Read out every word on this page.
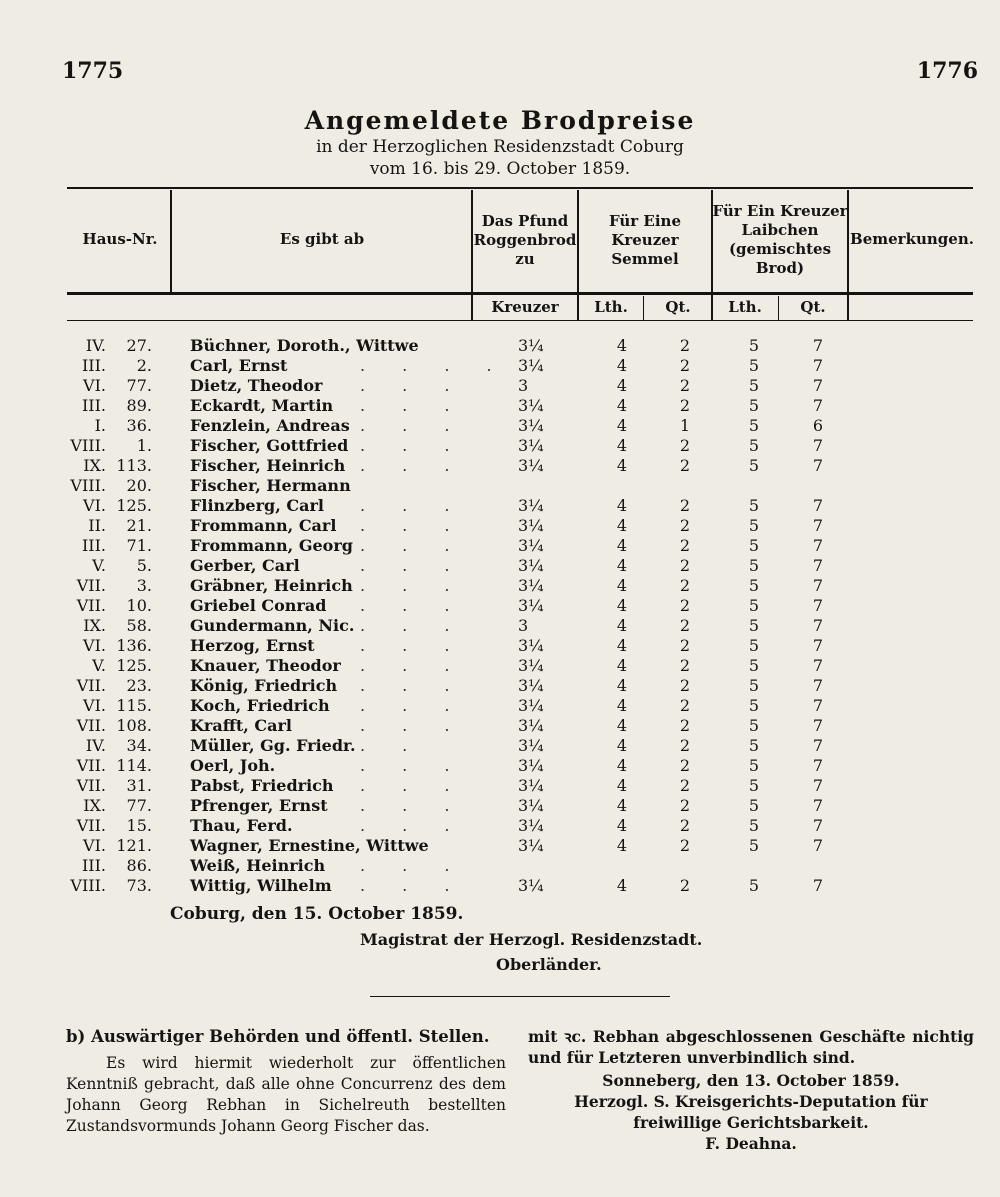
1775	1776
Angemeldete Brodpreise
in der Herzoglichen Residenzstadt Coburg
vom 16. bis 29. October 1859.
Haus-Nr.	Es gibt ab
Das Pfund Roggenbrod zu
Für Eine Kreuzer Semmel
Für Ein Kreuzer Laibchen (gemischtes Brod)
Bemerkungen.
Kreuzer	Lth.	Qt.	Lth.	Qt.
IV.	27. Büchner, Doroth., Wittwe	3¼	4	2	5	7
III.	2. Carl, Ernst	. . . . 3¼	4	2	5	7
VI.	77. Dietz, Theodor . . .	3	4	2	5	7
III.	89. Eckardt, Martin . . .	3¼	4	2	5	7
I.	36. Fenzlein, Andreas . . .	3¼	4	1	5	6
VIII.	1. Fischer, Gottfried . . .	3¼	4	2	5	7
IX. 113. Fischer, Heinrich . . .	3¼	4	2	5	7
VIII.	20. Fischer, Hermann
VI. 125. Flinzberg, Carl . . .	3¼	4	2	5	7
II.	21. Frommann, Carl . . .	3¼	4	2	5	7
III.	71. Frommann, Georg . . .	3¼	4	2	5	7
V.	5. Gerber, Carl	. . .	3¼	4	2	5	7
VII.	3. Gräbner, Heinrich . . .	3¼	4	2	5	7
VII.	10. Griebel Conrad . . .	3¼	4	2	5	7
IX.	58. Gundermann, Nic. . . .	3	4	2	5	7
VI. 136. Herzog, Ernst	. . .	3¼	4	2	5	7
V. 125. Knauer, Theodor . . .	3¼	4	2	5	7
VII.	23. König, Friedrich . . .	3¼	4	2	5	7
VI. 115. Koch, Friedrich . . .	3¼	4	2	5	7
VII. 108. Krafft, Carl	. . .	3¼	4	2	5	7
IV.	34. Müller, Gg. Friedr. . .	3¼	4	2	5	7
VII. 114. Oerl, Joh.	. . .	3¼	4	2	5	7
VII.	31. Pabst, Friedrich . . .	3¼	4	2	5	7
IX.	77. Pfrenger, Ernst . . .	3¼	4	2	5	7
VII.	15. Thau, Ferd.	. . .	3¼	4	2	5	7
VI. 121. Wagner, Ernestine, Wittwe	3¼	4	2	5	7
III.	86. Weiß, Heinrich . . .
VIII.	73. Wittig, Wilhelm . . .	3¼	4	2	5	7
Coburg, den 15. October 1859.
Magistrat der Herzogl. Residenzstadt.
Oberländer.
b) Auswärtiger Behörden und öffentl. Stellen.
Es wird hiermit wiederholt zur öffentlichen Kenntniß gebracht, daß alle ohne Concurrenz des dem Johann Georg Rebhan in Sichelreuth bestellten Zustandsvormunds Johann Georg Fischer das.
mit ꝛc. Rebhan abgeschlossenen Geschäfte nichtig und für Letzteren unverbindlich sind.
Sonneberg, den 13. October 1859.
Herzogl. S. Kreisgerichts-Deputation für
freiwillige Gerichtsbarkeit.
F. Deahna.
